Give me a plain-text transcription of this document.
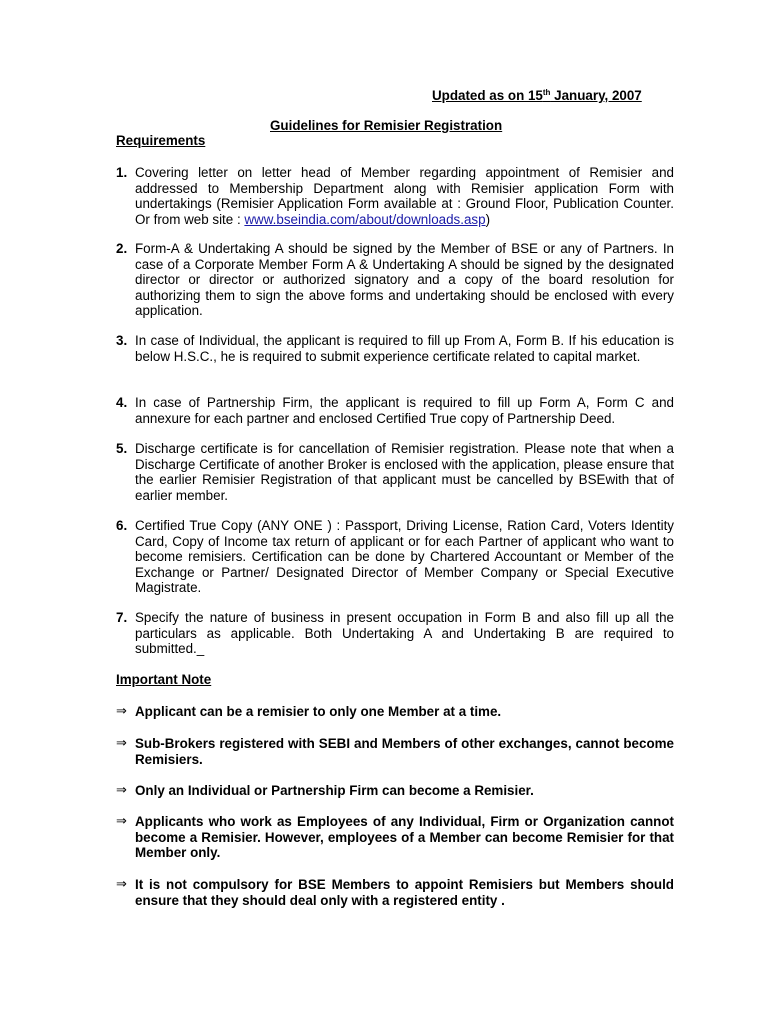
Updated as on 15th January, 2007
Guidelines for Remisier Registration
Requirements
1. Covering letter on letter head of Member regarding appointment of Remisier and addressed to Membership Department along with Remisier application Form with undertakings (Remisier Application Form available at : Ground Floor, Publication Counter. Or from web site : www.bseindia.com/about/downloads.asp)
2. Form-A & Undertaking A should be signed by the Member of BSE or any of Partners. In case of a Corporate Member Form A & Undertaking A should be signed by the designated director or director or authorized signatory and a copy of the board resolution for authorizing them to sign the above forms and undertaking should be enclosed with every application.
3. In case of Individual, the applicant is required to fill up From A, Form B. If his education is below H.S.C., he is required to submit experience certificate related to capital market.
4. In case of Partnership Firm, the applicant is required to fill up Form A, Form C and annexure for each partner and enclosed Certified True copy of Partnership Deed.
5. Discharge certificate is for cancellation of Remisier registration. Please note that when a Discharge Certificate of another Broker is enclosed with the application, please ensure that the earlier Remisier Registration of that applicant must be cancelled by BSEwith that of earlier member.
6. Certified True Copy (ANY ONE ) : Passport, Driving License, Ration Card, Voters Identity Card, Copy of Income tax return of applicant or for each Partner of applicant who want to become remisiers. Certification can be done by Chartered Accountant or Member of the Exchange or Partner/ Designated Director of Member Company or Special Executive Magistrate.
7. Specify the nature of business in present occupation in Form B and also fill up all the particulars as applicable. Both Undertaking A and Undertaking B are required to submitted._
Important Note
⇒ Applicant can be a remisier to only one Member at a time.
⇒ Sub-Brokers registered with SEBI and Members of other exchanges, cannot become Remisiers.
⇒ Only an Individual or Partnership Firm can become a Remisier.
⇒ Applicants who work as Employees of any Individual, Firm or Organization cannot become a Remisier. However, employees of a Member can become Remisier for that Member only.
⇒ It is not compulsory for BSE Members to appoint Remisiers but Members should ensure that they should deal only with a registered entity .
